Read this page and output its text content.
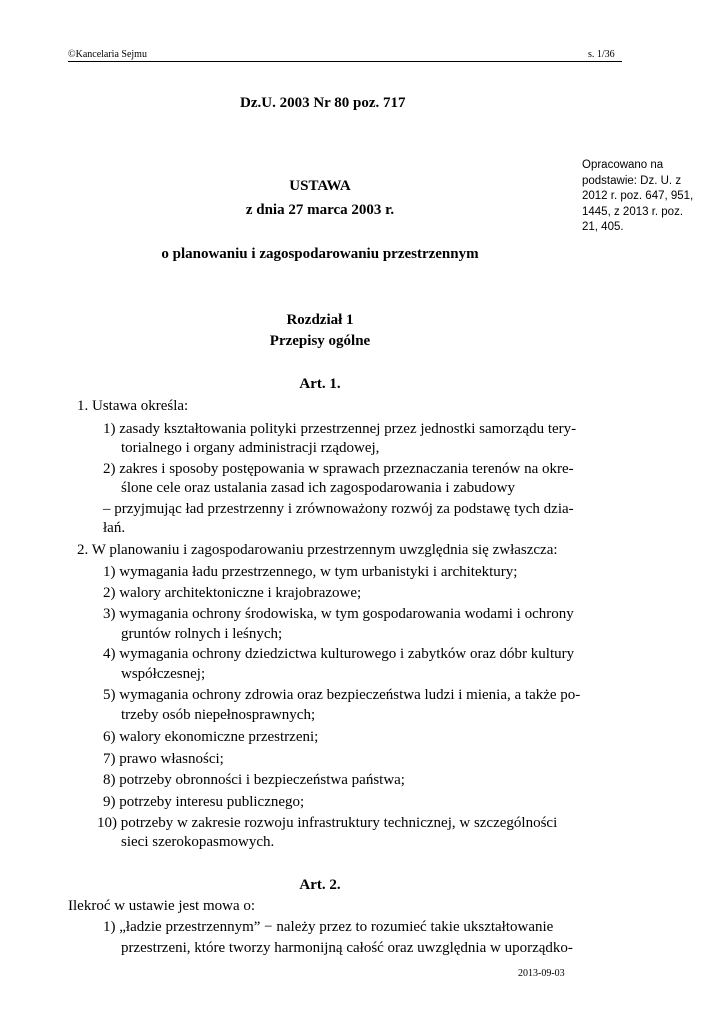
©Kancelaria Sejmu	s. 1/36
Dz.U. 2003 Nr 80 poz. 717
Opracowano na
podstawie: Dz. U. z
2012 r. poz. 647, 951,
1445, z 2013 r. poz.
21, 405.
USTAWA
z dnia 27 marca 2003 r.
o planowaniu i zagospodarowaniu przestrzennym
Rozdział 1
Przepisy ogólne
Art. 1.
1. Ustawa określa:
1) zasady kształtowania polityki przestrzennej przez jednostki samorządu tery-
torialnego i organy administracji rządowej,
2) zakres i sposoby postępowania w sprawach przeznaczania terenów na okre-
ślone cele oraz ustalania zasad ich zagospodarowania i zabudowy
– przyjmując ład przestrzenny i zrównoważony rozwój za podstawę tych dzia-
łań.
2. W planowaniu i zagospodarowaniu przestrzennym uwzględnia się zwłaszcza:
1) wymagania ładu przestrzennego, w tym urbanistyki i architektury;
2) walory architektoniczne i krajobrazowe;
3) wymagania ochrony środowiska, w tym gospodarowania wodami i ochrony
gruntów rolnych i leśnych;
4) wymagania ochrony dziedzictwa kulturowego i zabytków oraz dóbr kultury
współczesnej;
5) wymagania ochrony zdrowia oraz bezpieczeństwa ludzi i mienia, a także po-
trzeby osób niepełnosprawnych;
6) walory ekonomiczne przestrzeni;
7) prawo własności;
8) potrzeby obronności i bezpieczeństwa państwa;
9) potrzeby interesu publicznego;
10) potrzeby w zakresie rozwoju infrastruktury technicznej, w szczególności
sieci szerokopasmowych.
Art. 2.
Ilekroć w ustawie jest mowa o:
1) „ładzie przestrzennym” − należy przez to rozumieć takie ukształtowanie
przestrzeni, które tworzy harmonijną całość oraz uwzględnia w uporządko-
2013-09-03
